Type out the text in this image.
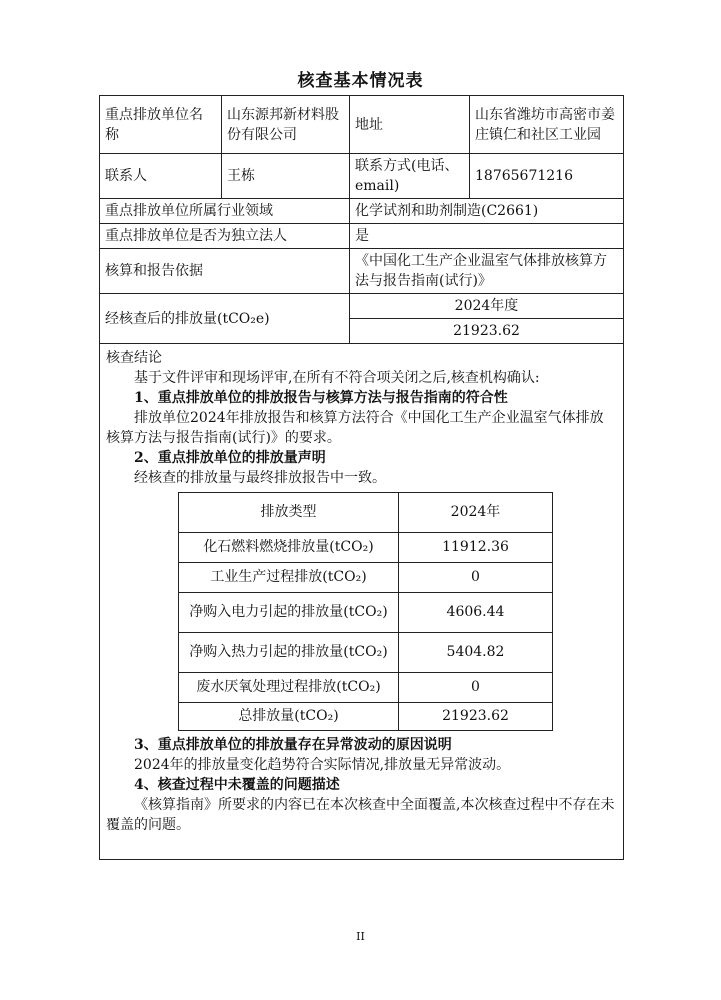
核查基本情况表
重点排放单位名称	山东源邦新材料股份有限公司	地址	山东省潍坊市高密市姜庄镇仁和社区工业园
联系人	王栋	联系方式(电话、email)	18765671216
重点排放单位所属行业领域	化学试剂和助剂制造(C2661)
重点排放单位是否为独立法人	是
核算和报告依据	《中国化工生产企业温室气体排放核算方法与报告指南(试行)》
经核查后的排放量(tCO₂e)	2024年度
21923.62

核查结论

基于文件评审和现场评审,在所有不符合项关闭之后,核查机构确认:

1、重点排放单位的排放报告与核算方法与报告指南的符合性

排放单位2024年排放报告和核算方法符合《中国化工生产企业温室气体排放核算方法与报告指南(试行)》的要求。

2、重点排放单位的排放量声明

经核查的排放量与最终排放报告中一致。

排放类型	2024年
化石燃料燃烧排放量(tCO₂)	11912.36
工业生产过程排放(tCO₂)	0
净购入电力引起的排放量(tCO₂)	4606.44
净购入热力引起的排放量(tCO₂)	5404.82
废水厌氧处理过程排放(tCO₂)	0
总排放量(tCO₂)	21923.62

3、重点排放单位的排放量存在异常波动的原因说明

2024年的排放量变化趋势符合实际情况,排放量无异常波动。

4、核查过程中未覆盖的问题描述

《核算指南》所要求的内容已在本次核查中全面覆盖,本次核查过程中不存在未覆盖的问题。

II
